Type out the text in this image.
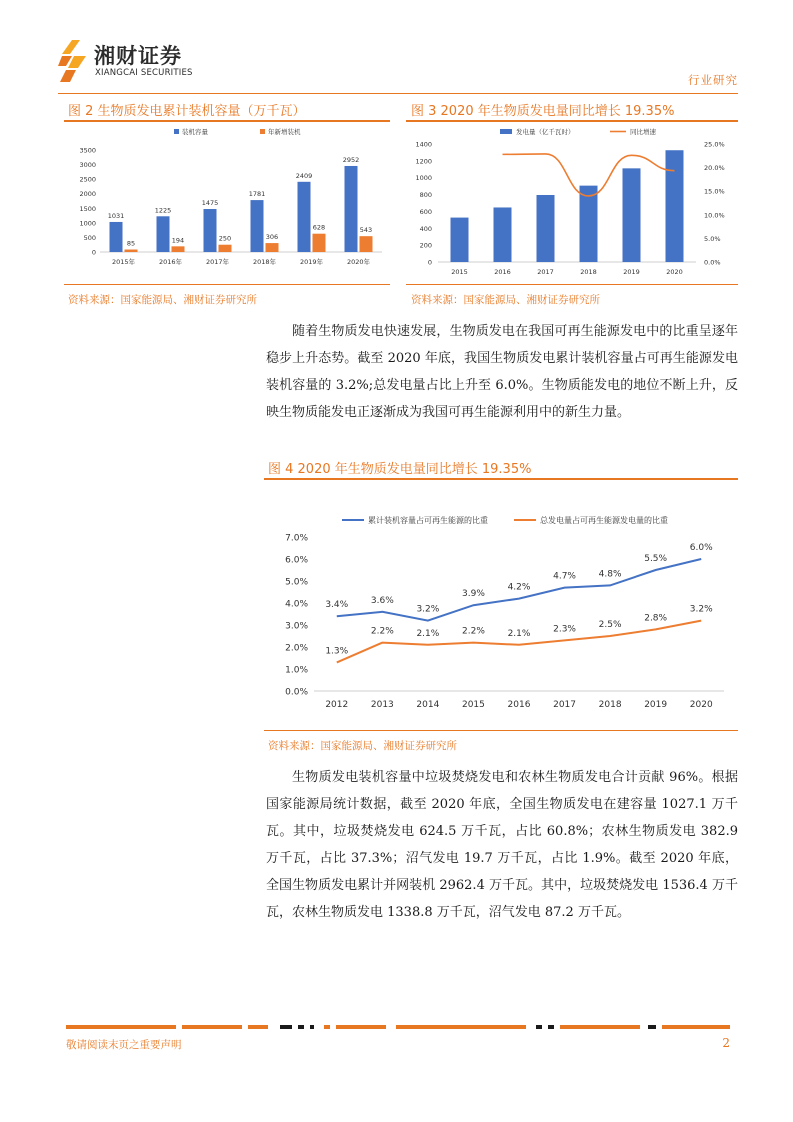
湘财证券
XIANGCAI SECURITIES	行业研究
图 2 生物质发电累计装机容量（万千瓦）
0
500
1000
1500
2000
2500
3000
3500
1031
85
2015年
1225
194
2016年
1475
250
2017年
1781
306
2018年
2409
628
2019年
2952
543
2020年
装机容量	年新增装机
资料来源：国家能源局、湘财证券研究所
图 3 2020 年生物质发电量同比增长 19.35%
0
200
400
600
800
1000
1200
1400
0.0%
5.0%
10.0%
15.0%
20.0%
25.0%
2015	2016	2017	2018	2019	2020
发电量（亿千瓦时）	同比增速
资料来源：国家能源局、湘财证券研究所

随着生物质发电快速发展，生物质发电在我国可再生能源发电中的比重呈逐年稳步上升态势。截至 2020 年底，我国生物质发电累计装机容量占可再生能源发电装机容量的 3.2%;总发电量占比上升至 6.0%。生物质能发电的地位不断上升，反映生物质能发电正逐渐成为我国可再生能源利用中的新生力量。

图 4 2020 年生物质发电量同比增长 19.35%
0.0%
1.0%
2.0%
3.0%
4.0%
5.0%
6.0%
7.0%
2012	2013	2014	2015	2016	2017	2018	2019	2020
3.4%	3.6%
3.2%
3.9%
4.2%
4.7%	4.8%
5.5%
6.0%
1.3%
2.2%	2.1%	2.2%	2.1%	2.3%	2.5%
2.8%
3.2%
累计装机容量占可再生能源的比重	总发电量占可再生能源发电量的比重
资料来源：国家能源局、湘财证券研究所

生物质发电装机容量中垃圾焚烧发电和农林生物质发电合计贡献 96%。根据国家能源局统计数据，截至 2020 年底，全国生物质发电在建容量 1027.1 万千瓦。其中，垃圾焚烧发电 624.5 万千瓦，占比 60.8%；农林生物质发电 382.9 万千瓦，占比 37.3%；沼气发电 19.7 万千瓦，占比 1.9%。截至 2020 年底，全国生物质发电累计并网装机 2962.4 万千瓦。其中，垃圾焚烧发电 1536.4 万千瓦，农林生物质发电 1338.8 万千瓦，沼气发电 87.2 万千瓦。

敬请阅读末页之重要声明	2
